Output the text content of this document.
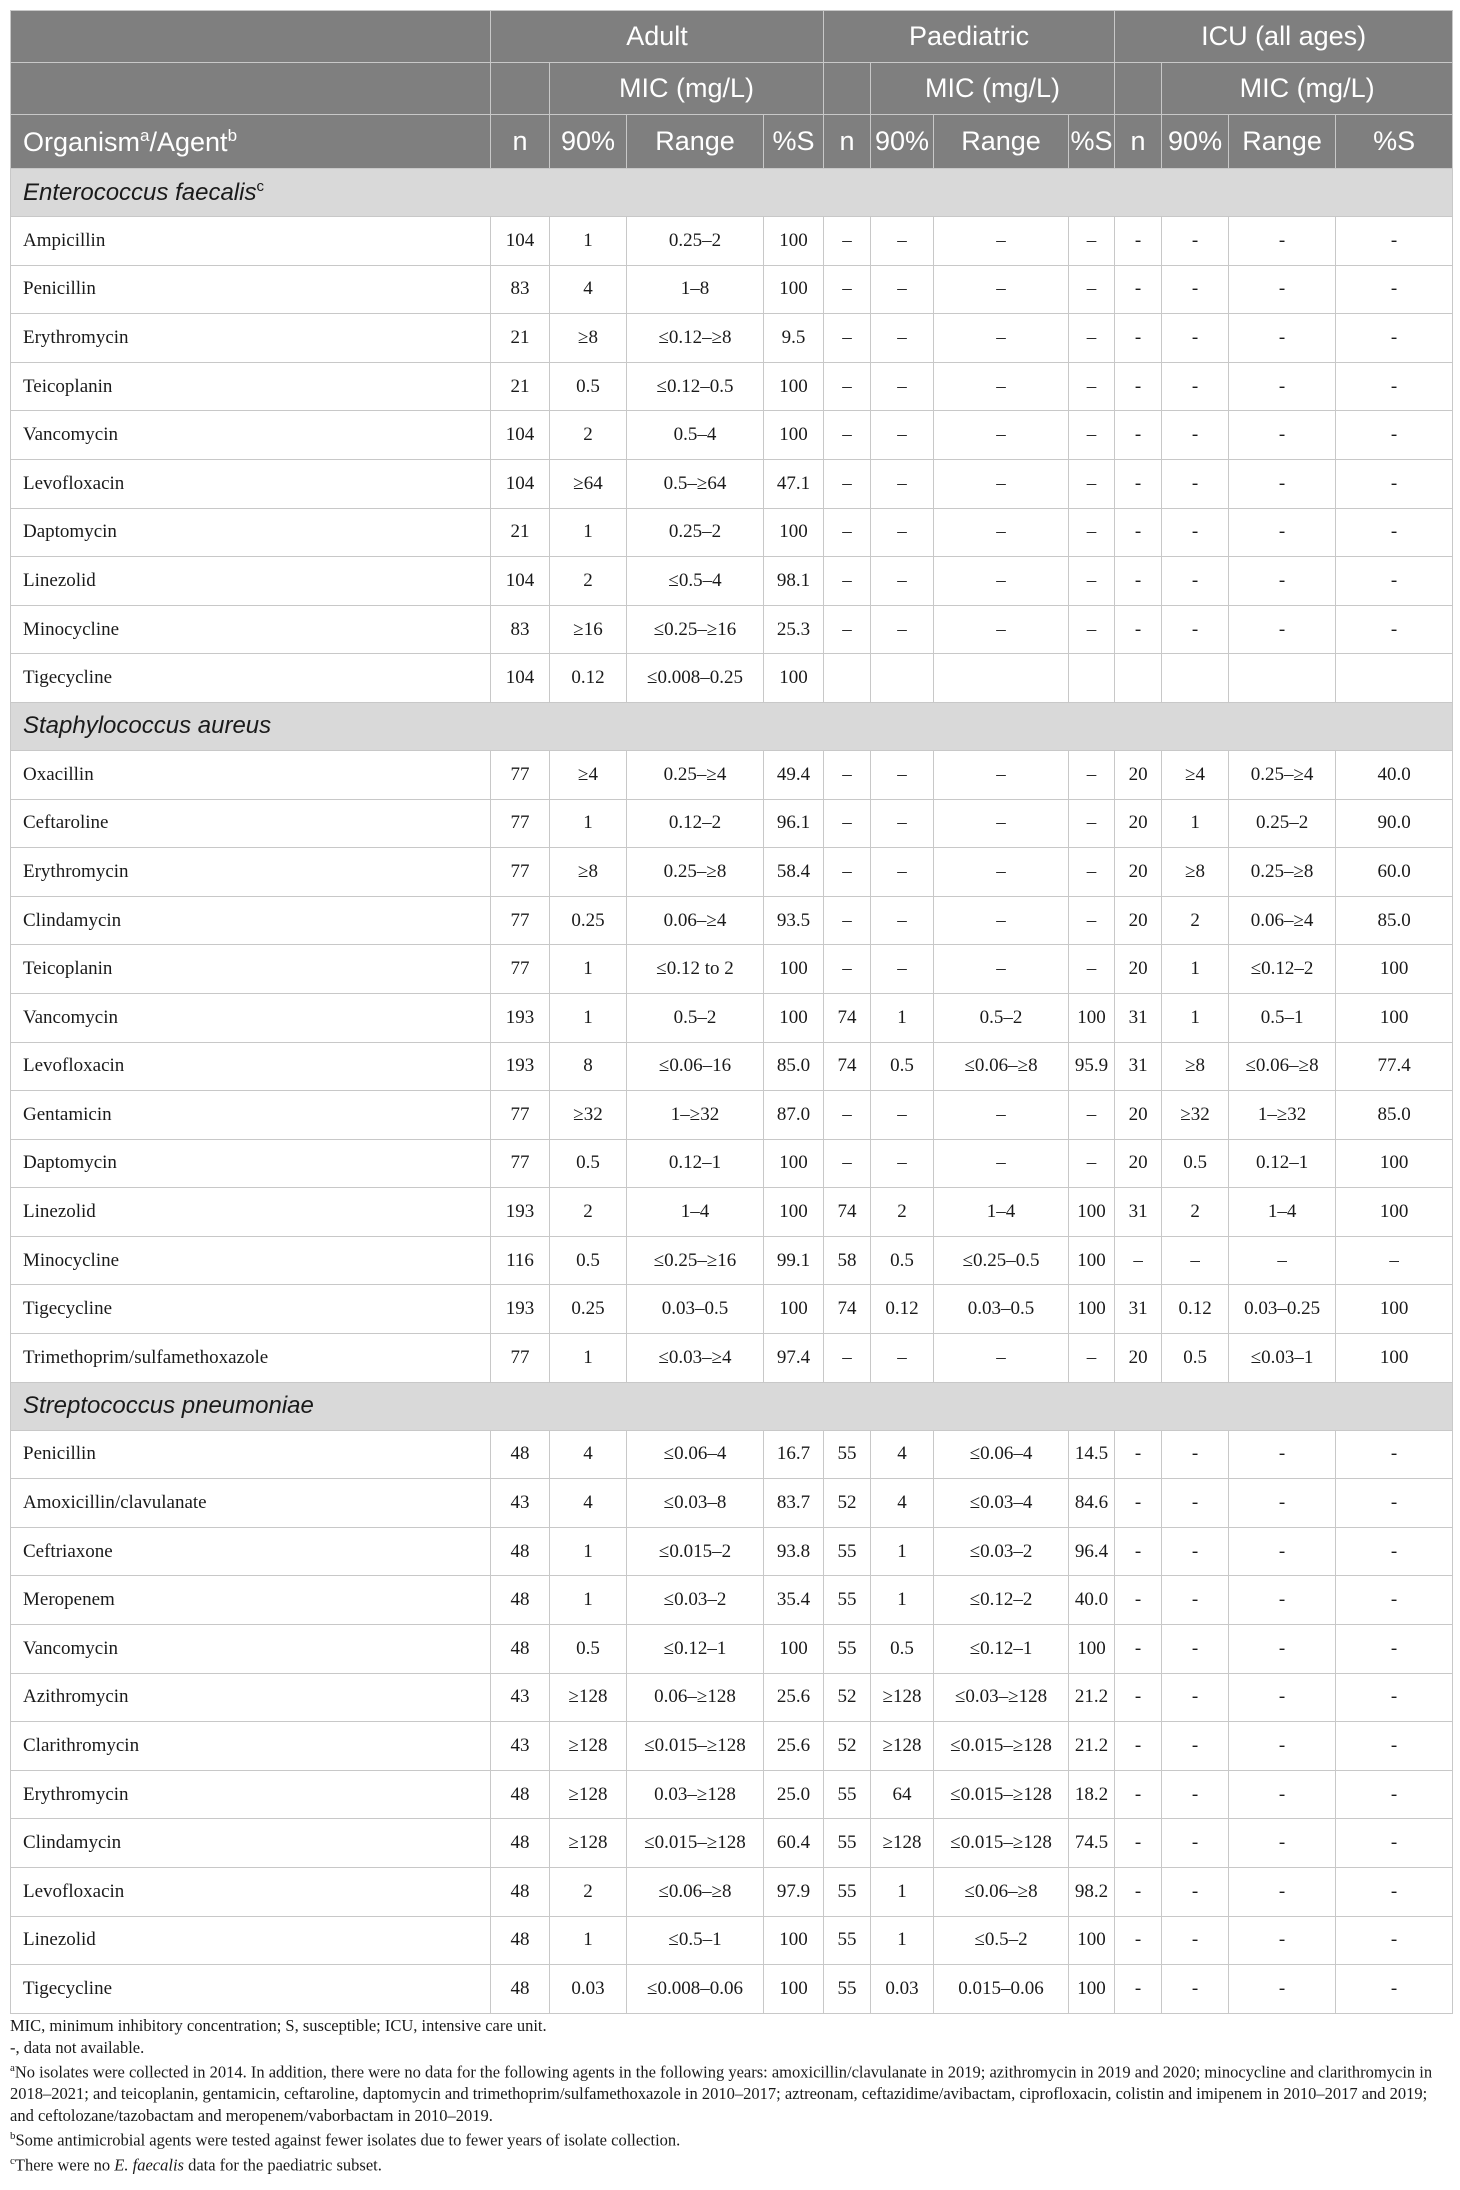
	Adult				Paediatric				ICU (all ages)			
		MIC (mg/L)				MIC (mg/L)				MIC (mg/L)		
Organism$^a$/Agent$^b$	n	90%	Range	%S	n	90%	Range	%S	n	90%	Range	%S
Enterococcus faecalis$^c$
Ampicillin	104	1	0.25–2	100	–	–	–	–	-	-	-	-
Penicillin	83	4	1–8	100	–	–	–	–	-	-	-	-
Erythromycin	21	≥8	≤0.12–≥8	9.5	–	–	–	–	-	-	-	-
Teicoplanin	21	0.5	≤0.12–0.5	100	–	–	–	–	-	-	-	-
Vancomycin	104	2	0.5–4	100	–	–	–	–	-	-	-	-
Levofloxacin	104	≥64	0.5–≥64	47.1	–	–	–	–	-	-	-	-
Daptomycin	21	1	0.25–2	100	–	–	–	–	-	-	-	-
Linezolid	104	2	≤0.5–4	98.1	–	–	–	–	-	-	-	-
Minocycline	83	≥16	≤0.25–≥16	25.3	–	–	–	–	-	-	-	-
Tigecycline	104	0.12	≤0.008–0.25	100								
Staphylococcus aureus												
Oxacillin	77	≥4	0.25–≥4	49.4	–	–	–	–	20	≥4	0.25–≥4	40.0
Ceftaroline	77	1	0.12–2	96.1	–	–	–	–	20	1	0.25–2	90.0
Erythromycin	77	≥8	0.25–≥8	58.4	–	–	–	–	20	≥8	0.25–≥8	60.0
Clindamycin	77	0.25	0.06–≥4	93.5	–	–	–	–	20	2	0.06–≥4	85.0
Teicoplanin	77	1	≤0.12 to 2	100	–	–	–	–	20	1	≤0.12–2	100
Vancomycin	193	1	0.5–2	100	74	1	0.5–2	100	31	1	0.5–1	100
Levofloxacin	193	8	≤0.06–16	85.0	74	0.5	≤0.06–≥8	95.9	31	≥8	≤0.06–≥8	77.4
Gentamicin	77	≥32	1–≥32	87.0	–	–	–	–	20	≥32	1–≥32	85.0
Daptomycin	77	0.5	0.12–1	100	–	–	–	–	20	0.5	0.12–1	100
Linezolid	193	2	1–4	100	74	2	1–4	100	31	2	1–4	100
Minocycline	116	0.5	≤0.25–≥16	99.1	58	0.5	≤0.25–0.5	100	–	–	–	–
Tigecycline	193	0.25	0.03–0.5	100	74	0.12	0.03–0.5	100	31	0.12	0.03–0.25	100
Trimethoprim/sulfamethoxazole	77	1	≤0.03–≥4	97.4	–	–	–	–	20	0.5	≤0.03–1	100
Streptococcus pneumoniae												
Penicillin	48	4	≤0.06–4	16.7	55	4	≤0.06–4	14.5	-	-	-	-
Amoxicillin/clavulanate	43	4	≤0.03–8	83.7	52	4	≤0.03–4	84.6	-	-	-	-
Ceftriaxone	48	1	≤0.015–2	93.8	55	1	≤0.03–2	96.4	-	-	-	-
Meropenem	48	1	≤0.03–2	35.4	55	1	≤0.12–2	40.0	-	-	-	-
Vancomycin	48	0.5	≤0.12–1	100	55	0.5	≤0.12–1	100	-	-	-	-
Azithromycin	43	≥128	0.06–≥128	25.6	52	≥128	≤0.03–≥128	21.2	-	-	-	-
Clarithromycin	43	≥128	≤0.015–≥128	25.6	52	≥128	≤0.015–≥128	21.2	-	-	-	-
Erythromycin	48	≥128	0.03–≥128	25.0	55	64	≤0.015–≥128	18.2	-	-	-	-
Clindamycin	48	≥128	≤0.015–≥128	60.4	55	≥128	≤0.015–≥128	74.5	-	-	-	-
Levofloxacin	48	2	≤0.06–≥8	97.9	55	1	≤0.06–≥8	98.2	-	-	-	-
Linezolid	48	1	≤0.5–1	100	55	1	≤0.5–2	100	-	-	-	-
Tigecycline	48	0.03	≤0.008–0.06	100	55	0.03	0.015–0.06	100	-	-	-	-

MIC, minimum inhibitory concentration; S, susceptible; ICU, intensive care unit.

-, data not available.

$^a$No isolates were collected in 2014. In addition, there were no data for the following agents in the following years: amoxicillin/clavulanate in 2019; azithromycin in 2019 and 2020; minocycline and clarithromycin in 2018–2021; and teicoplanin, gentamicin, ceftaroline, daptomycin and trimethoprim/sulfamethoxazole in 2010–2017; aztreonam, ceftazidime/avibactam, ciprofloxacin, colistin and imipenem in 2010–2017 and 2019; and ceftolozane/tazobactam and meropenem/vaborbactam in 2010–2019.

$^b$Some antimicrobial agents were tested against fewer isolates due to fewer years of isolate collection.

$^c$There were no E. faecalis data for the paediatric subset.
